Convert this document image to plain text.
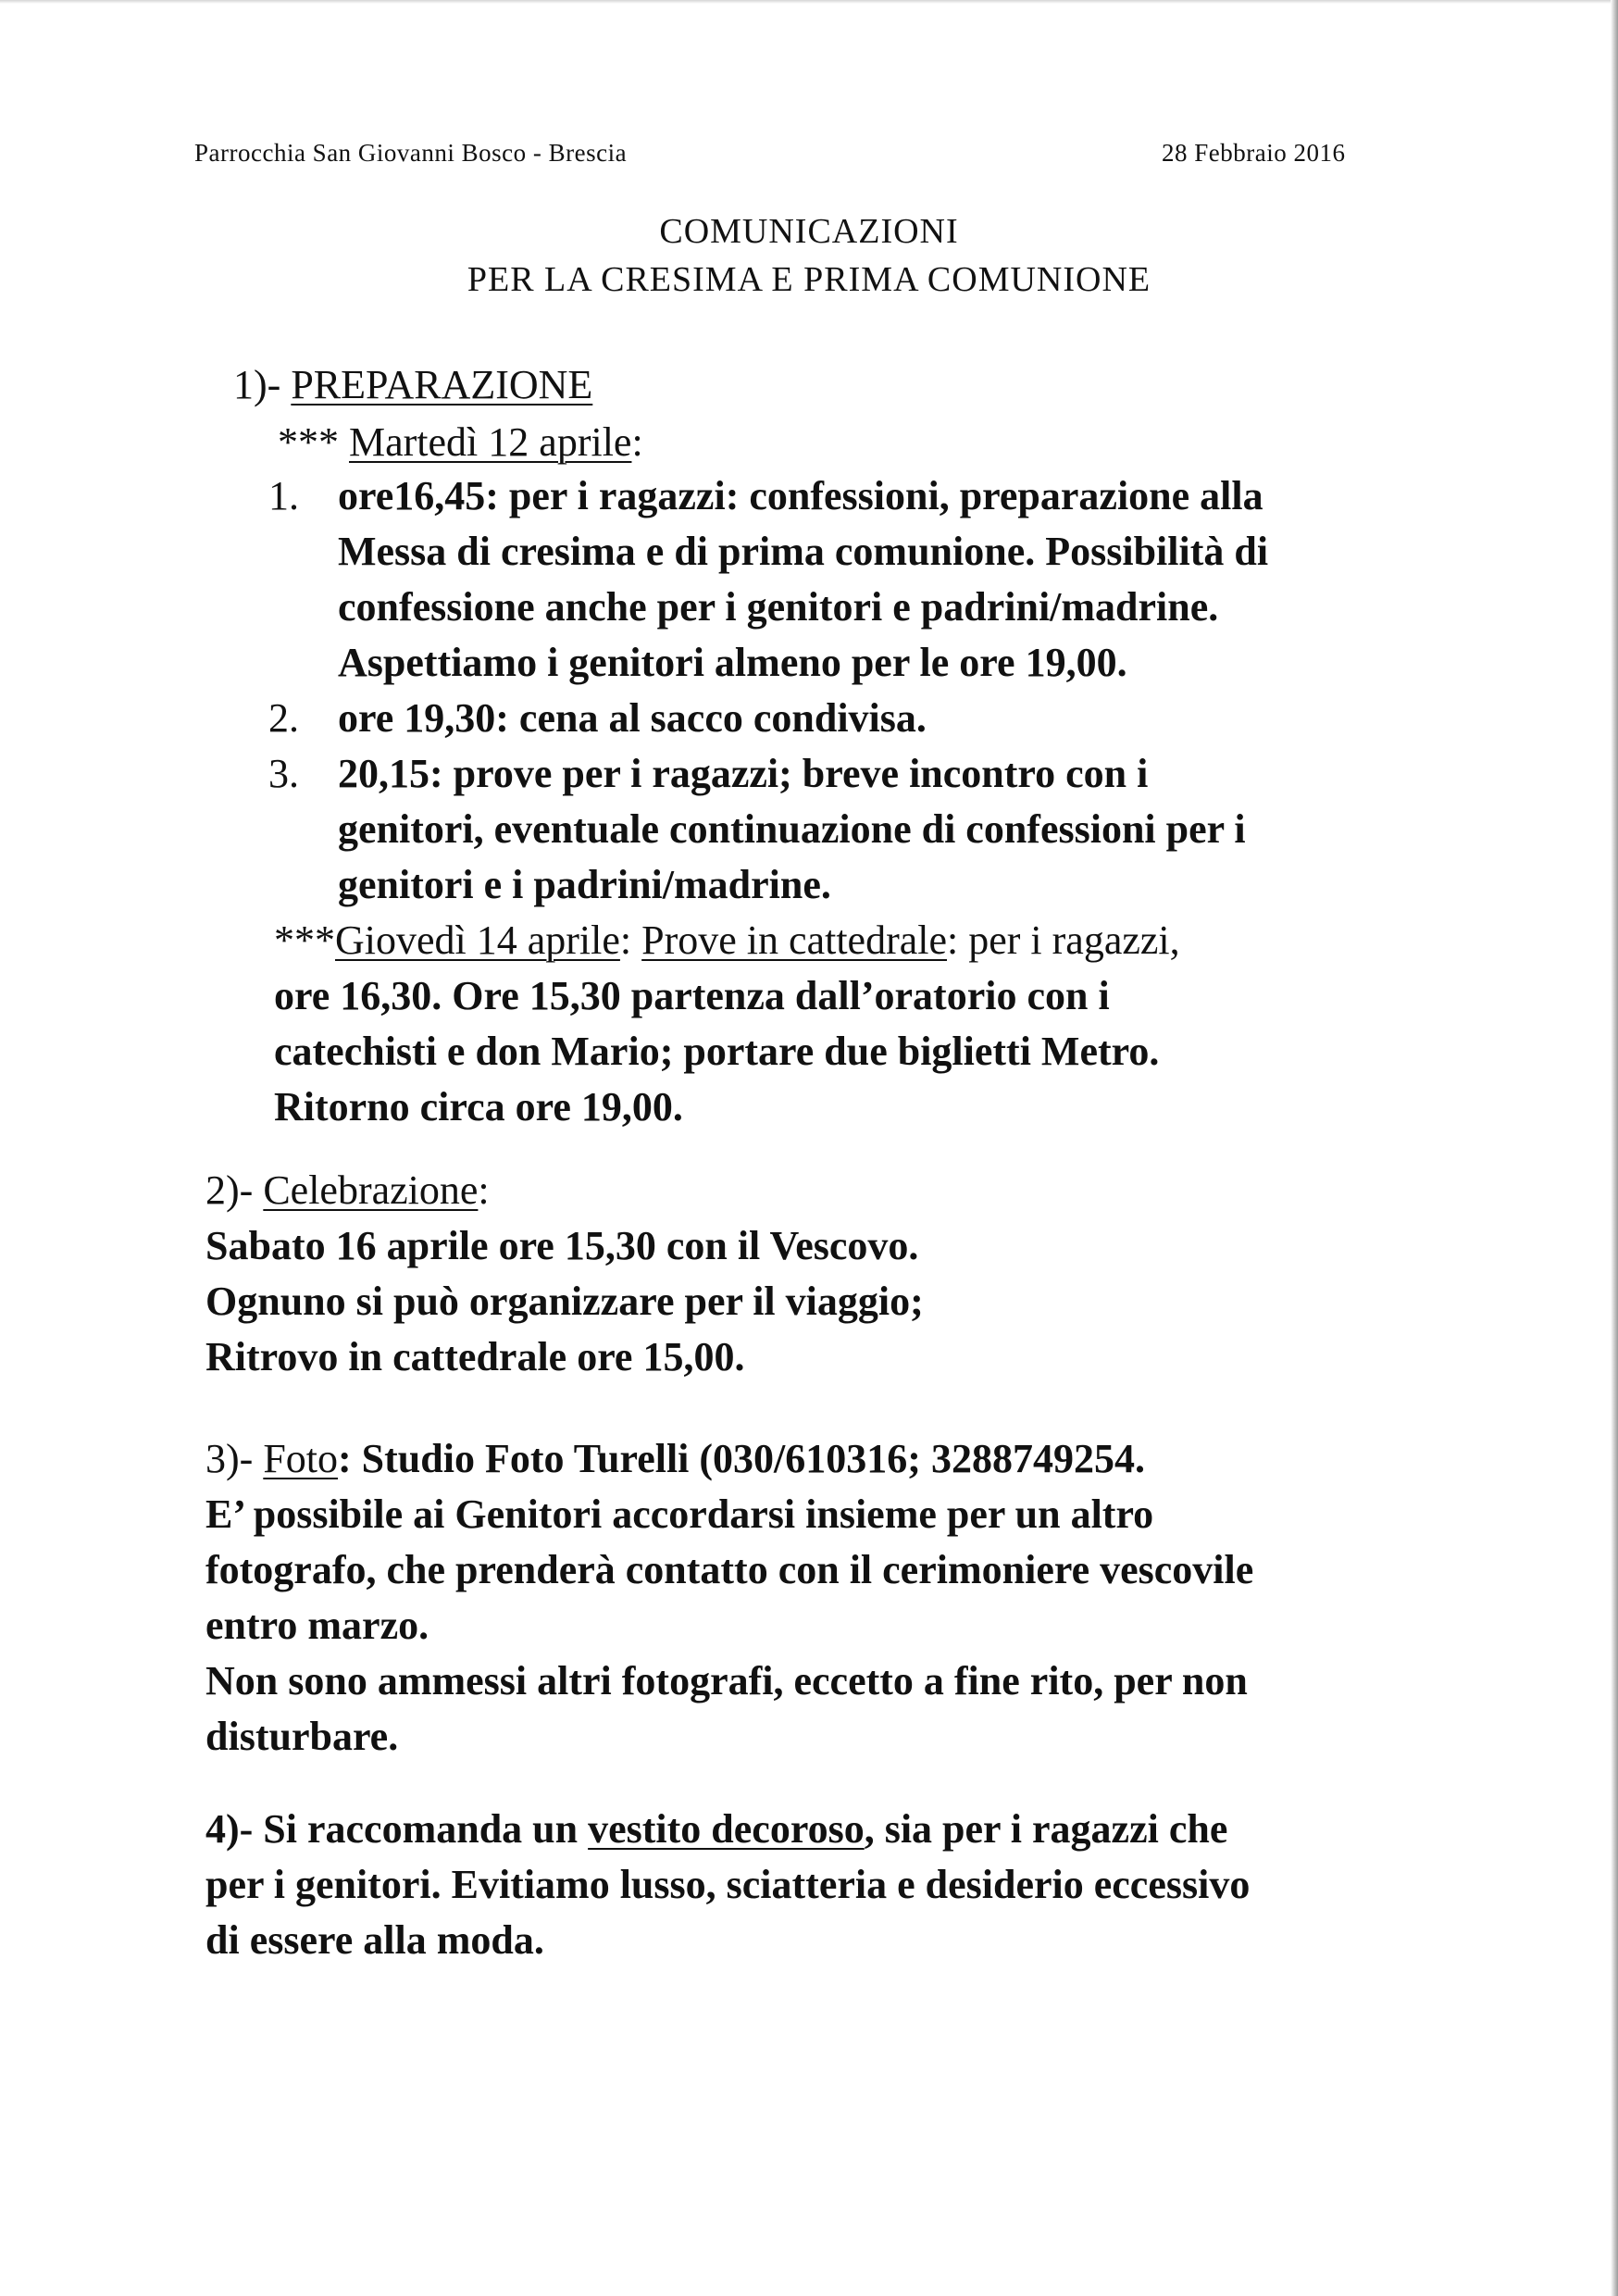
Parrocchia San Giovanni Bosco - Brescia	28 Febbraio 2016
COMUNICAZIONI
PER LA CRESIMA E PRIMA COMUNIONE
1)- PREPARAZIONE
*** Martedì 12 aprile:
1. ore16,45: per i ragazzi: confessioni, preparazione alla
Messa di cresima e di prima comunione. Possibilità di
confessione anche per i genitori e padrini/madrine.
Aspettiamo i genitori almeno per le ore 19,00.
2. ore 19,30: cena al sacco condivisa.
3. 20,15: prove per i ragazzi; breve incontro con i
genitori, eventuale continuazione di confessioni per i
genitori e i padrini/madrine.
***Giovedì 14 aprile: Prove in cattedrale: per i ragazzi,
ore 16,30. Ore 15,30 partenza dall’oratorio con i
catechisti e don Mario; portare due biglietti Metro.
Ritorno circa ore 19,00.
2)- Celebrazione:
Sabato 16 aprile ore 15,30 con il Vescovo.
Ognuno si può organizzare per il viaggio;
Ritrovo in cattedrale ore 15,00.
3)- Foto: Studio Foto Turelli (030/610316; 3288749254.
E’ possibile ai Genitori accordarsi insieme per un altro
fotografo, che prenderà contatto con il cerimoniere vescovile
entro marzo.
Non sono ammessi altri fotografi, eccetto a fine rito, per non
disturbare.
4)- Si raccomanda un vestito decoroso, sia per i ragazzi che
per i genitori. Evitiamo lusso, sciatteria e desiderio eccessivo
di essere alla moda.
